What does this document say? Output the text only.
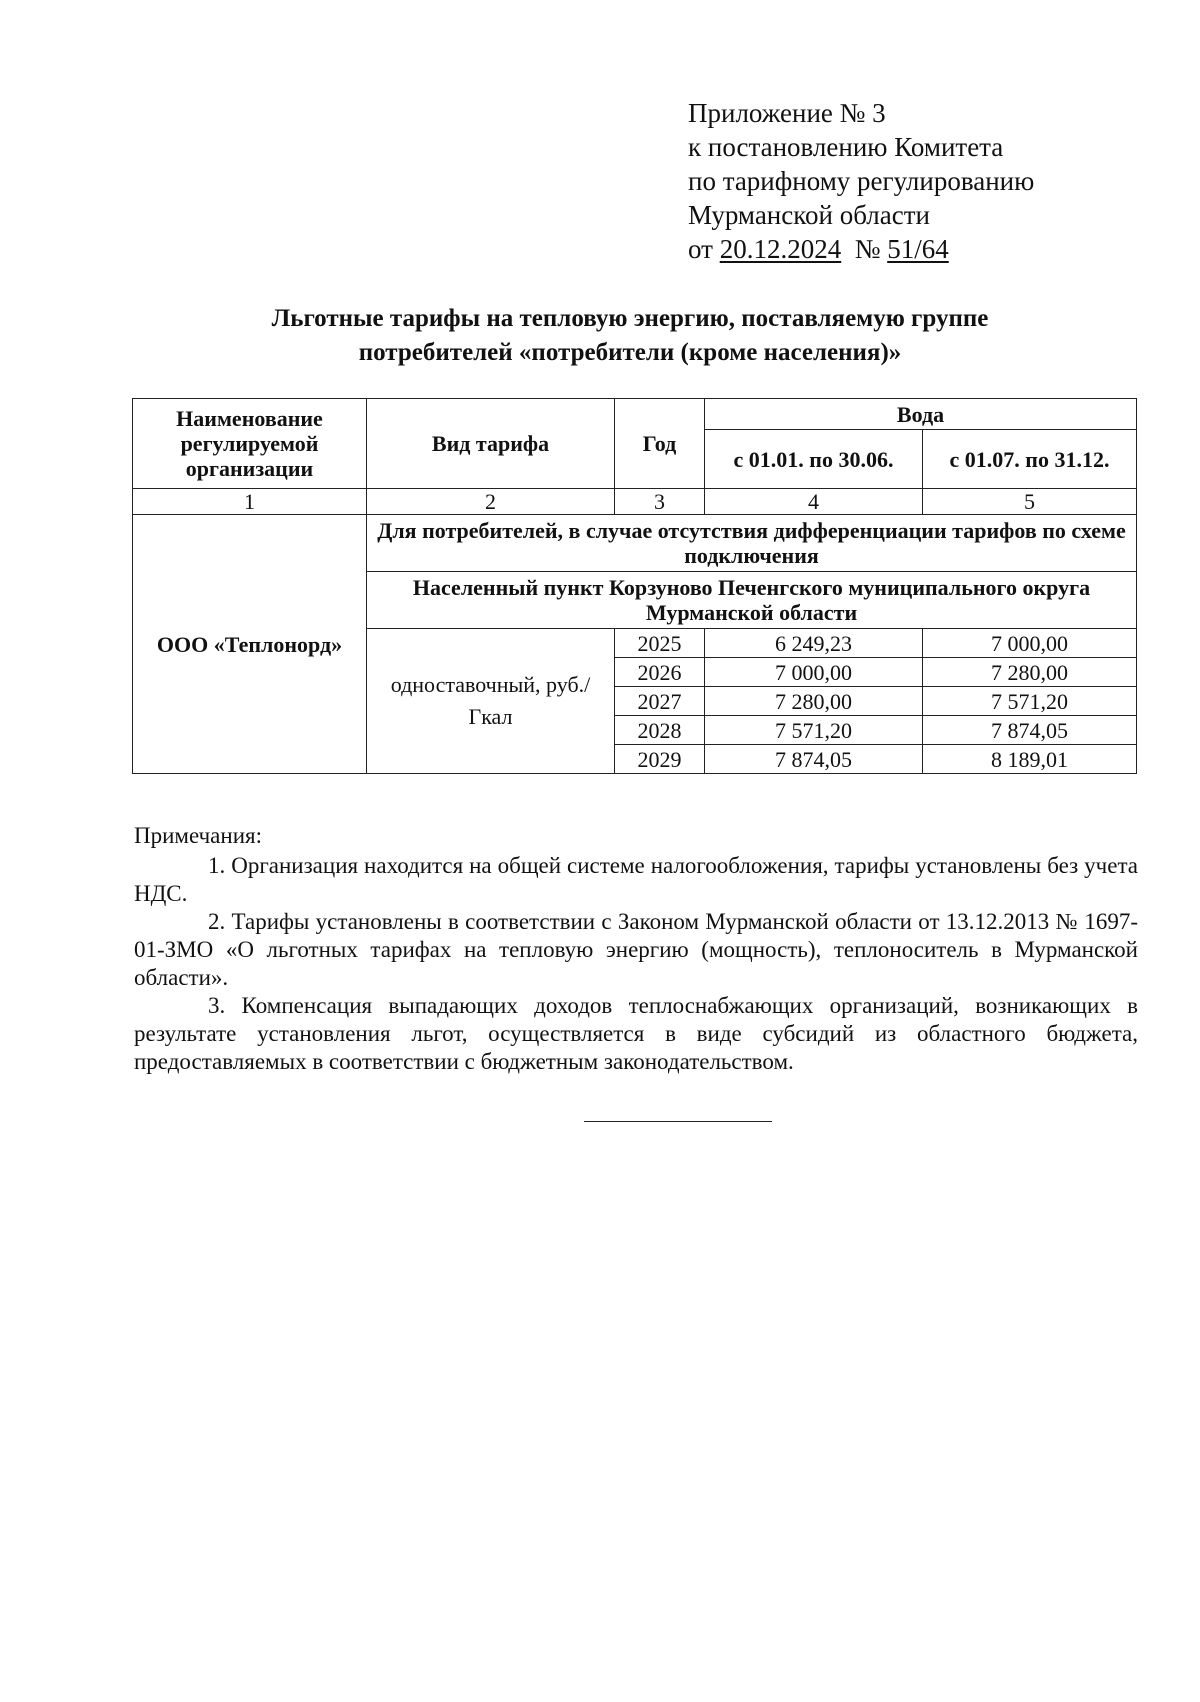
Приложение № 3
к постановлению Комитета
по тарифному регулированию
Мурманской области
от 20.12.2024  № 51/64
Льготные тарифы на тепловую энергию, поставляемую группе
потребителей «потребители (кроме населения)»
Наименование регулируемой организации	Вид тарифа	Год	Вода	
			с 01.01. по 30.06.	с 01.07. по 31.12.
1	2	3	4	5
ООО «Теплонорд»	Для потребителей, в случае отсутствия дифференциации тарифов по схеме подключения			
	Населенный пункт Корзуново Печенгского муниципального округа Мурманской области			
	одноставочный, руб./Гкал	2025	6 249,23	7 000,00
		2026	7 000,00	7 280,00
		2027	7 280,00	7 571,20
		2028	7 571,20	7 874,05
		2029	7 874,05	8 189,01
Примечания:

1. Организация находится на общей системе налогообложения, тарифы установлены без учета НДС.

2. Тарифы установлены в соответствии с Законом Мурманской области от 13.12.2013 № 1697-01-ЗМО «О льготных тарифах на тепловую энергию (мощность), теплоноситель в Мурманской области».

3. Компенсация выпадающих доходов теплоснабжающих организаций, возникающих в результате установления льгот, осуществляется в виде субсидий из областного бюджета, предоставляемых в соответствии с бюджетным законодательством.
